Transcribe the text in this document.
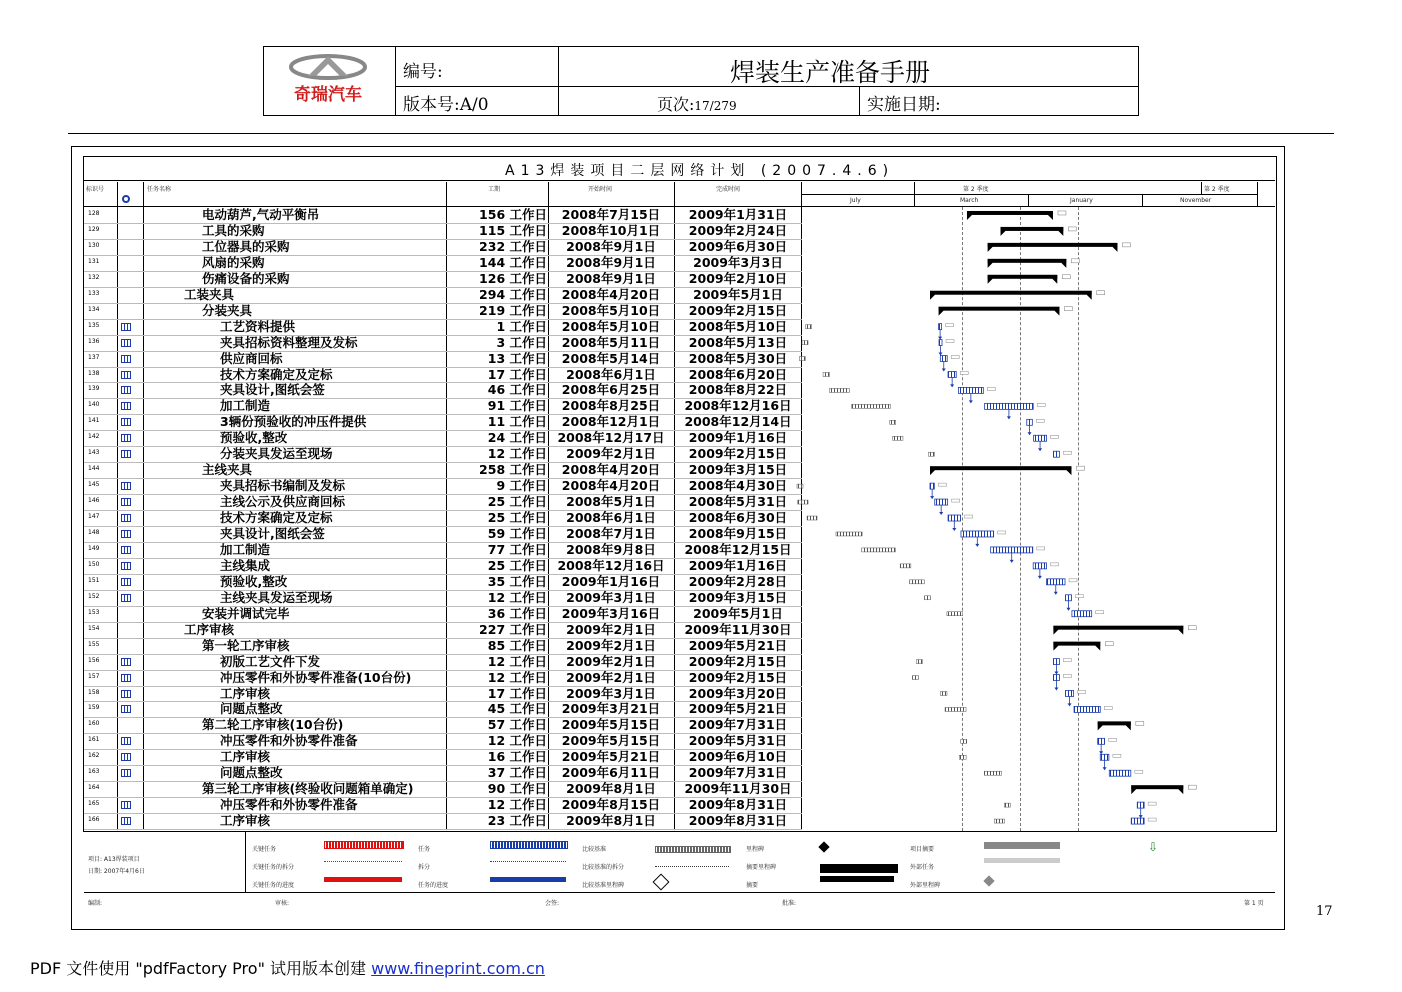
奇瑞汽车
编号:	焊装生产准备手册
版本号:A/0	页次:17/279	实施日期:
A13焊装项目二层网络计划 (2007.4.6)
标识号	任务名称	工期	开始时间	完成时间	第 2 季度	第 2 季度
July	March	January	November
128	电动葫芦,气动平衡吊	156 工作日	2008年7月15日	2009年1月31日
129	工具的采购	115 工作日	2008年10月1日	2009年2月24日
130	工位器具的采购	232 工作日	2008年9月1日	2009年6月30日
131	风扇的采购	144 工作日	2008年9月1日	2009年3月3日
132	伤痛设备的采购	126 工作日	2008年9月1日	2009年2月10日
133	工装夹具	294 工作日	2008年4月20日	2009年5月1日
134	分装夹具	219 工作日	2008年5月10日	2009年2月15日
135	工艺资料提供	1 工作日	2008年5月10日	2008年5月10日
136	夹具招标资料整理及发标	3 工作日	2008年5月11日	2008年5月13日
137	供应商回标	13 工作日	2008年5月14日	2008年5月30日
138	技术方案确定及定标	17 工作日	2008年6月1日	2008年6月20日
139	夹具设计,图纸会签	46 工作日	2008年6月25日	2008年8月22日
140	加工制造	91 工作日	2008年8月25日	2008年12月16日
141	3辆份预验收的冲压件提供	11 工作日	2008年12月1日	2008年12月14日
142	预验收,整改	24 工作日 2008年12月17日	2009年1月16日
143	分装夹具发运至现场	12 工作日	2009年2月1日	2009年2月15日
144	主线夹具	258 工作日	2008年4月20日	2009年3月15日
145	夹具招标书编制及发标	9 工作日	2008年4月20日	2008年4月30日
146	主线公示及供应商回标	25 工作日	2008年5月1日	2008年5月31日
147	技术方案确定及定标	25 工作日	2008年6月1日	2008年6月30日
148	夹具设计,图纸会签	59 工作日	2008年7月1日	2008年9月15日
149	加工制造	77 工作日	2008年9月8日	2008年12月15日
150	主线集成	25 工作日 2008年12月16日	2009年1月16日
151	预验收,整改	35 工作日	2009年1月16日	2009年2月28日
152	主线夹具发运至现场	12 工作日	2009年3月1日	2009年3月15日
153	安装并调试完毕	36 工作日	2009年3月16日	2009年5月1日
154	工序审核	227 工作日	2009年2月1日	2009年11月30日
155	第一轮工序审核	85 工作日	2009年2月1日	2009年5月21日
156	初版工艺文件下发	12 工作日	2009年2月1日	2009年2月15日
157	冲压零件和外协零件准备(10台份)	12 工作日	2009年2月1日	2009年2月15日
158	工序审核	17 工作日	2009年3月1日	2009年3月20日
159	问题点整改	45 工作日	2009年3月21日	2009年5月21日
160	第二轮工序审核(10台份)	57 工作日	2009年5月15日	2009年7月31日
161	冲压零件和外协零件准备	12 工作日	2009年5月15日	2009年5月31日
162	工序审核	16 工作日	2009年5月21日	2009年6月10日
163	问题点整改	37 工作日	2009年6月11日	2009年7月31日
164	第三轮工序审核(终验收问题箱单确定)	90 工作日	2009年8月1日	2009年11月30日
165	冲压零件和外协零件准备	12 工作日	2009年8月15日	2009年8月31日
166	工序审核	23 工作日	2009年8月1日	2009年8月31日
项目: A13焊装项目
日期: 2007年4月6日
关键任务	任务	比较基准	里程碑	项目摘要
关键任务的拆分	拆分	比较基准的拆分	摘要里程碑	外部任务
关键任务的进度	任务的进度	比较基准里程碑	摘要	外部里程碑
⇩
编制:	审核:	会签:	批准:	第 1 页
17
PDF 文件使用 "pdfFactory Pro" 试用版本创建 www.fineprint.com.cn
